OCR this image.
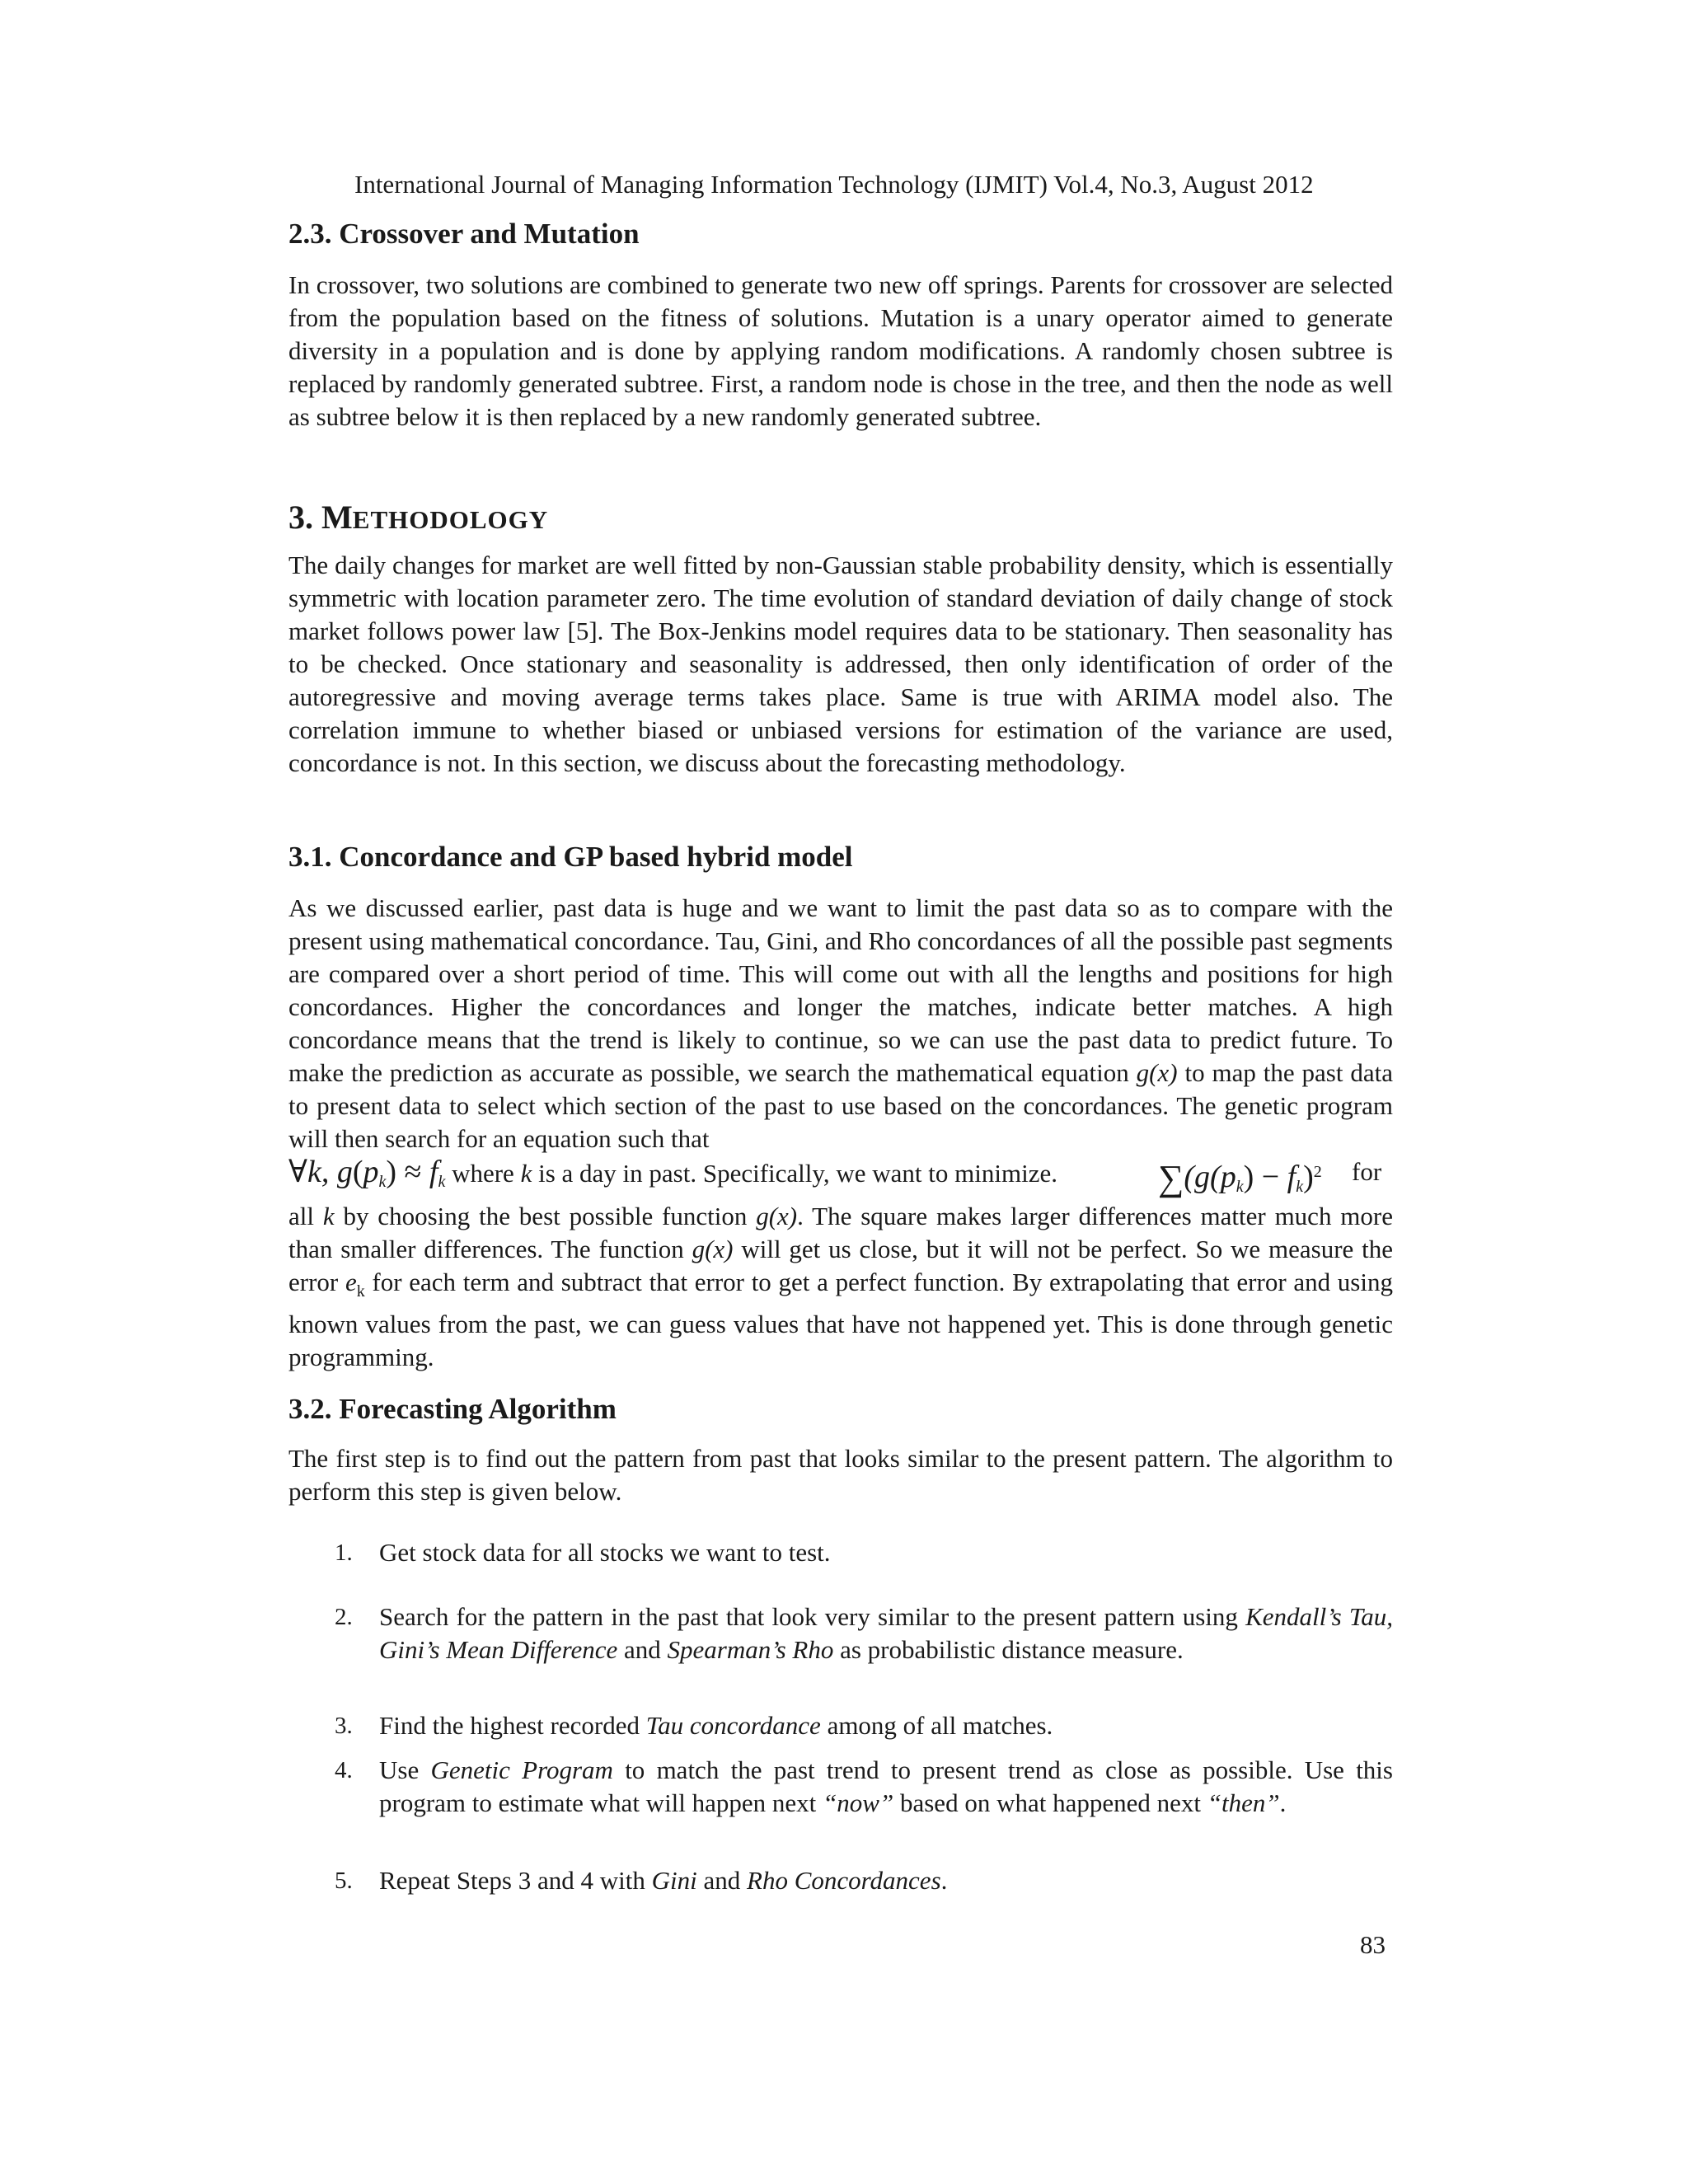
International Journal of Managing Information Technology (IJMIT) Vol.4, No.3, August 2012
2.3. Crossover and Mutation

In crossover, two solutions are combined to generate two new off springs. Parents for crossover are selected from the population based on the fitness of solutions. Mutation is a unary operator aimed to generate diversity in a population and is done by applying random modifications. A randomly chosen subtree is replaced by randomly generated subtree. First, a random node is chose in the tree, and then the node as well as subtree below it is then replaced by a new randomly generated subtree.

3. METHODOLOGY

The daily changes for market are well fitted by non-Gaussian stable probability density, which is essentially symmetric with location parameter zero. The time evolution of standard deviation of daily change of stock market follows power law [5]. The Box-Jenkins model requires data to be stationary. Then seasonality has to be checked. Once stationary and seasonality is addressed, then only identification of order of the autoregressive and moving average terms takes place. Same is true with ARIMA model also. The correlation immune to whether biased or unbiased versions for estimation of the variance are used, concordance is not. In this section, we discuss about the forecasting methodology.

3.1. Concordance and GP based hybrid model

As we discussed earlier, past data is huge and we want to limit the past data so as to compare with the present using mathematical concordance. Tau, Gini, and Rho concordances of all the possible past segments are compared over a short period of time. This will come out with all the lengths and positions for high concordances. Higher the concordances and longer the matches, indicate better matches. A high concordance means that the trend is likely to continue, so we can use the past data to predict future. To make the prediction as accurate as possible, we search the mathematical equation g(x) to map the past data to present data to select which section of the past to use based on the concordances. The genetic program will then search for an equation such that

∀k, g(pk) ≈ fk where k is a day in past. Specifically, we want to minimize.	∑(g(pk) − fk)$^2$ for

all k by choosing the best possible function g(x). The square makes larger differences matter much more than smaller differences. The function g(x) will get us close, but it will not be perfect. So we measure the error $e_k$ for each term and subtract that error to get a perfect function. By extrapolating that error and using known values from the past, we can guess values that have not happened yet. This is done through genetic programming.

3.2. Forecasting Algorithm

The first step is to find out the pattern from past that looks similar to the present pattern. The algorithm to perform this step is given below.

1. Get stock data for all stocks we want to test.

2. Search for the pattern in the past that look very similar to the present pattern using Kendall’s Tau, Gini’s Mean Difference and Spearman’s Rho as probabilistic distance measure.

3. Find the highest recorded Tau concordance among of all matches.

4. Use Genetic Program to match the past trend to present trend as close as possible. Use this program to estimate what will happen next “now” based on what happened next “then”.

5. Repeat Steps 3 and 4 with Gini and Rho Concordances.

83
